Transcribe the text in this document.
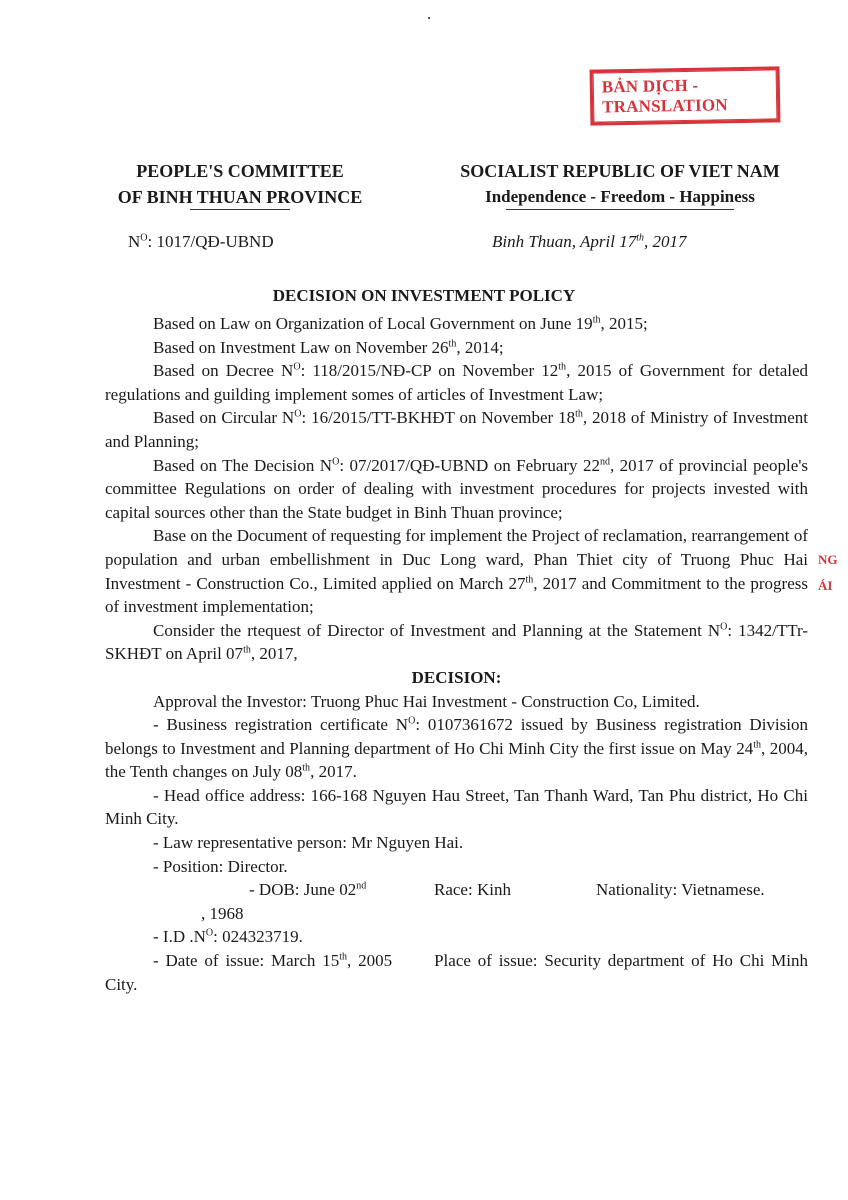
BẢN DỊCH - TRANSLATION
PEOPLE'S COMMITTEE
OF BINH THUAN PROVINCE
SOCIALIST REPUBLIC OF VIET NAM
Independence - Freedom - Happiness
$N^O$: 1017/QĐ-UBND	Binh Thuan, April 17th, 2017
DECISION ON INVESTMENT POLICY

Based on Law on Organization of Local Government on June 19th, 2015;

Based on Investment Law on November 26th, 2014;

Based on Decree $N^O$: 118/2015/NĐ-CP on November 12th, 2015 of Government for detaled regulations and guilding implement somes of articles of Investment Law;

Based on Circular $N^O$: 16/2015/TT-BKHĐT on November 18th, 2018 of Ministry of Investment and Planning;

Based on The Decision $N^O$: 07/2017/QĐ-UBND on February 22nd, 2017 of provincial people's committee Regulations on order of dealing with investment procedures for projects invested with capital sources other than the State budget in Binh Thuan province;

Base on the Document of requesting for implement the Project of reclamation, rearrangement of population and urban embellishment in Duc Long ward, Phan Thiet city of Truong Phuc Hai Investment - Construction Co., Limited applied on March 27th, 2017 and Commitment to the progress of investment implementation;

Consider the rtequest of Director of Investment and Planning at the Statement $N^O$: 1342/TTr-SKHĐT on April 07th, 2017,

DECISION:

Approval the Investor: Truong Phuc Hai Investment - Construction Co, Limited.

- Business registration certificate $N^O$: 0107361672 issued by Business registration Division belongs to Investment and Planning department of Ho Chi Minh City the first issue on May 24th, 2004, the Tenth changes on July 08th, 2017.

- Head office address: 166-168 Nguyen Hau Street, Tan Thanh Ward, Tan Phu district, Ho Chi Minh City.

- Law representative person: Mr Nguyen Hai.

- Position: Director.

- DOB: June 02nd, 1968
Race: Kinh	Nationality: Vietnamese.

- I.D $.N^O$: 024323719.

- Date of issue: March 15th, 2005 Place of issue: Security department of Ho Chi Minh City.

NG
ÁI
